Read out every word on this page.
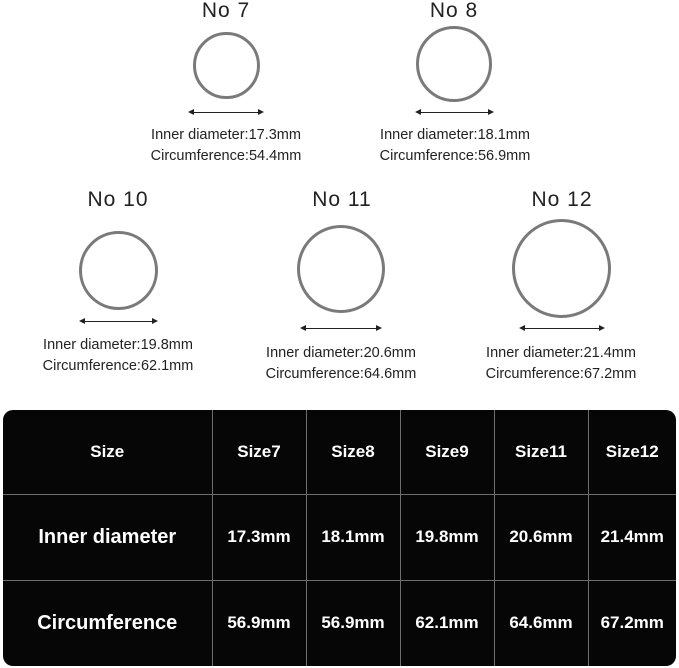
No 7
Inner diameter:17.3mm
Circumference:54.4mm
No 8
Inner diameter:18.1mm
Circumference:56.9mm
No 10
Inner diameter:19.8mm
Circumference:62.1mm
No 11
Inner diameter:20.6mm
Circumference:64.6mm
No 12
Inner diameter:21.4mm
Circumference:67.2mm
Size	Size7	Size8	Size9	Size11	Size12
Inner diameter	17.3mm	18.1mm	19.8mm	20.6mm	21.4mm
Circumference	56.9mm	56.9mm	62.1mm	64.6mm	67.2mm
